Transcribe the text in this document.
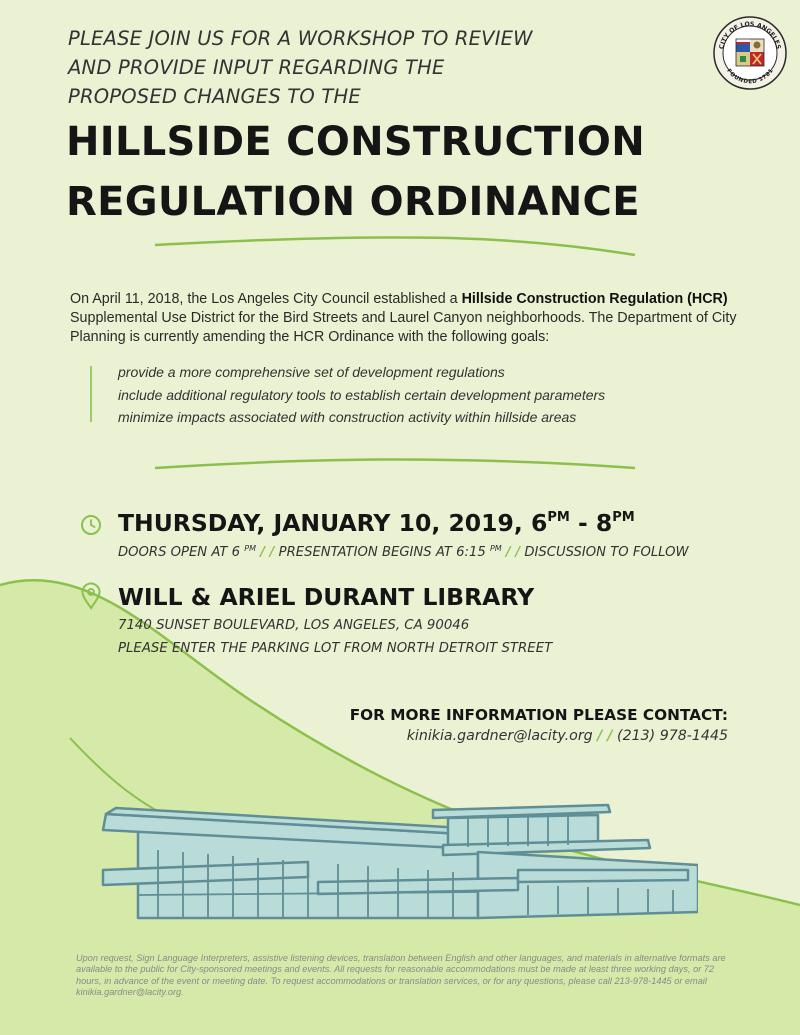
PLEASE JOIN US FOR A WORKSHOP TO REVIEW
AND PROVIDE INPUT REGARDING THE
PROPOSED CHANGES TO THE
HILLSIDE CONSTRUCTION
REGULATION ORDINANCE
CITY OF LOS ANGELES
FOUNDED 1781
On April 11, 2018, the Los Angeles City Council established a Hillside Construction Regulation (HCR) Supplemental Use District for the Bird Streets and Laurel Canyon neighborhoods. The Department of City Planning is currently amending the HCR Ordinance with the following goals:
provide a more comprehensive set of development regulations
include additional regulatory tools to establish certain development parameters
minimize impacts associated with construction activity within hillside areas
THURSDAY, JANUARY 10, 2019, $6^{PM} - 8^{PM}$
DOORS OPEN AT 6 $^{PM}$ / / PRESENTATION BEGINS AT 6:15 $^{PM}$ / / DISCUSSION TO FOLLOW
WILL & ARIEL DURANT LIBRARY
7140 SUNSET BOULEVARD, LOS ANGELES, CA 90046
PLEASE ENTER THE PARKING LOT FROM NORTH DETROIT STREET
FOR MORE INFORMATION PLEASE CONTACT:
kinikia.gardner@lacity.org / / (213) 978-1445
Upon request, Sign Language Interpreters, assistive listening devices, translation between English and other languages, and materials in alternative formats are available to the public for City-sponsored meetings and events. All requests for reasonable accommodations must be made at least three working days, or 72 hours, in advance of the event or meeting date. To request accommodations or translation services, or for any questions, please call 213-978-1445 or email kinikia.gardner@lacity.org.
